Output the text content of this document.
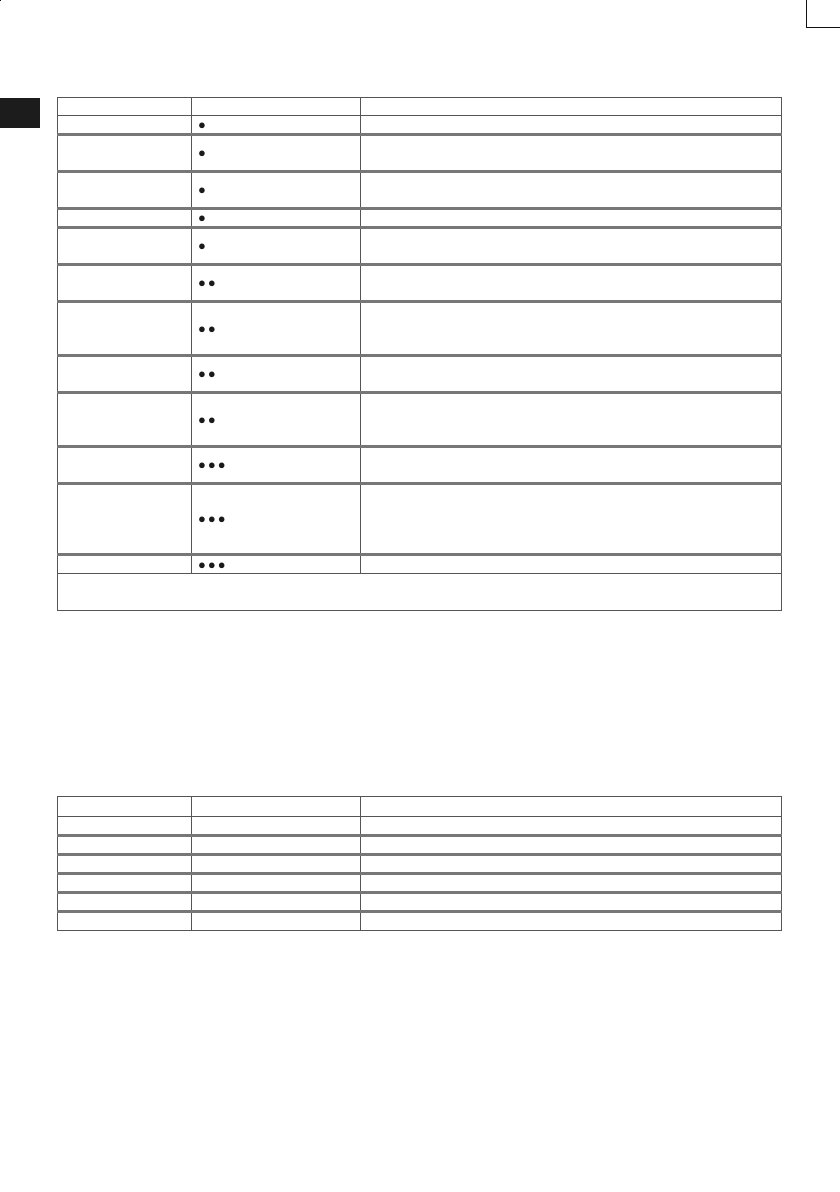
	●	
	●	
	●	
	●	
	●	
	●●	
	●●	
	●●	
	●●	
	●●●	
	●●●	
	●●●	
